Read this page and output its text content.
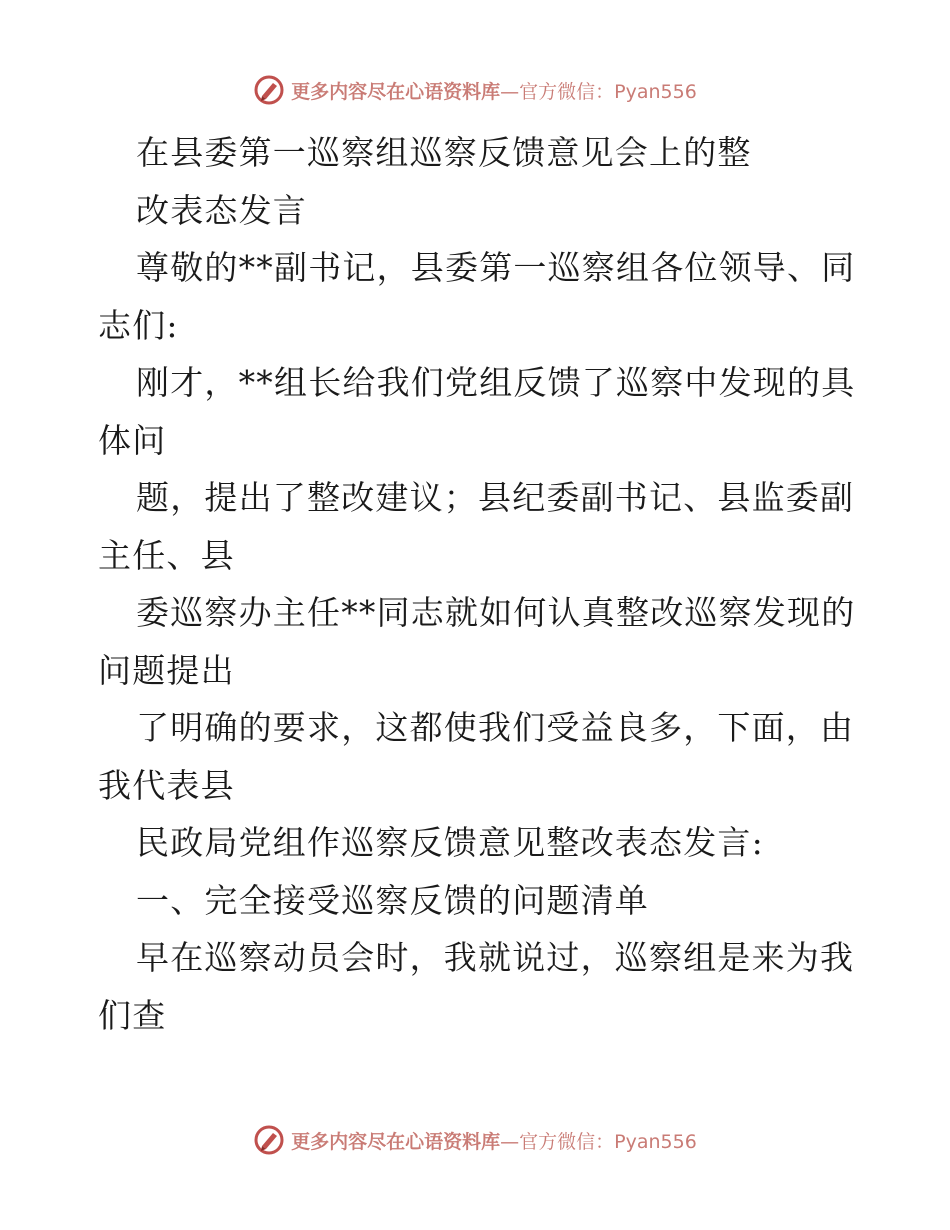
更多内容尽在心语资料库—官方微信：Pyan556
在县委第一巡察组巡察反馈意见会上的整
改表态发言
尊敬的**副书记，县委第一巡察组各位领导、同
志们:
刚才，**组长给我们党组反馈了巡察中发现的具
体问
题，提出了整改建议；县纪委副书记、县监委副
主任、县
委巡察办主任**同志就如何认真整改巡察发现的
问题提出
了明确的要求，这都使我们受益良多，下面，由
我代表县
民政局党组作巡察反馈意见整改表态发言:
一、完全接受巡察反馈的问题清单
早在巡察动员会时，我就说过，巡察组是来为我
们查
更多内容尽在心语资料库—官方微信：Pyan556
